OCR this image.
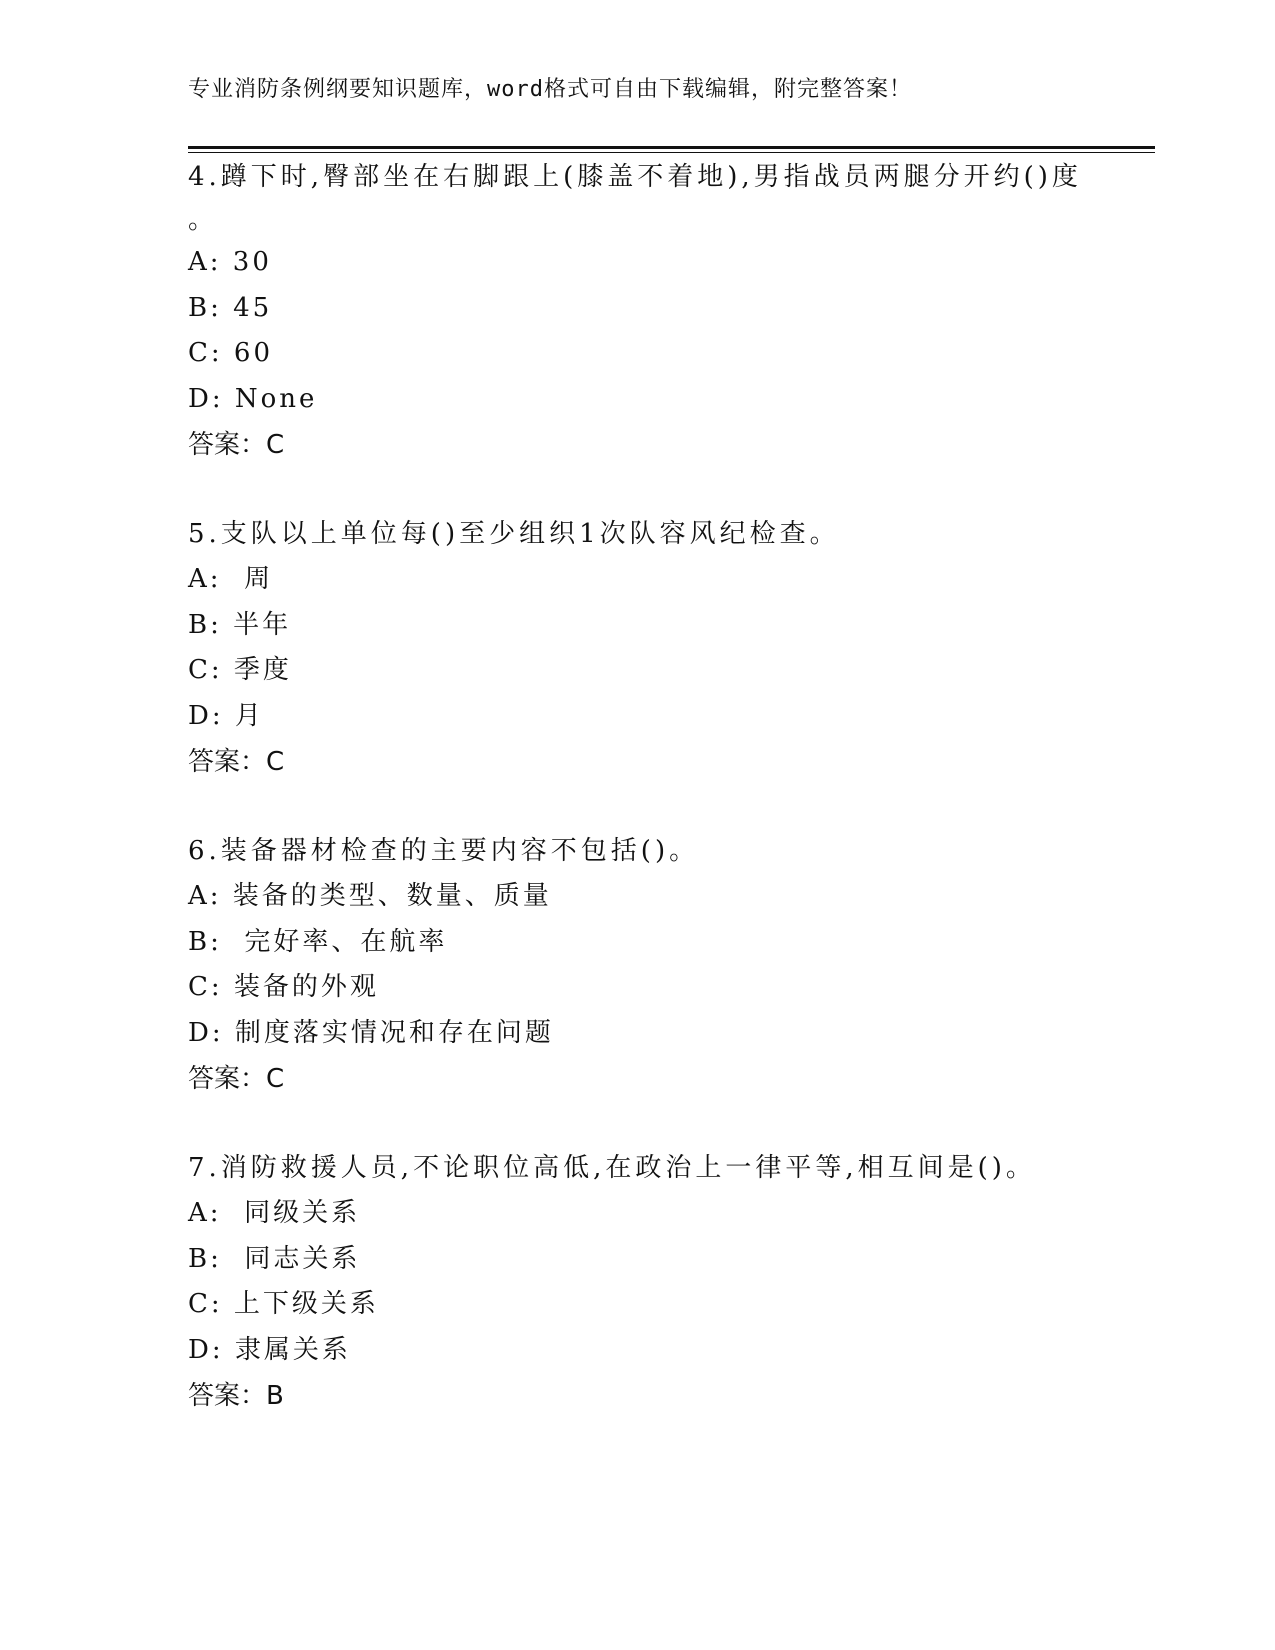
专业消防条例纲要知识题库，word格式可自由下载编辑，附完整答案！
4.蹲下时,臀部坐在右脚跟上(膝盖不着地),男指战员两腿分开约()度
。
A: 30
B: 45
C: 60
D: None
答案：C
5.支队以上单位每()至少组织1次队容风纪检查。
A:  周
B: 半年
C: 季度
D: 月
答案：C
6.装备器材检查的主要内容不包括()。
A: 装备的类型、数量、质量
B:  完好率、在航率
C: 装备的外观
D: 制度落实情况和存在问题
答案：C
7.消防救援人员,不论职位高低,在政治上一律平等,相互间是()。
A:  同级关系
B:  同志关系
C: 上下级关系
D: 隶属关系
答案：B
